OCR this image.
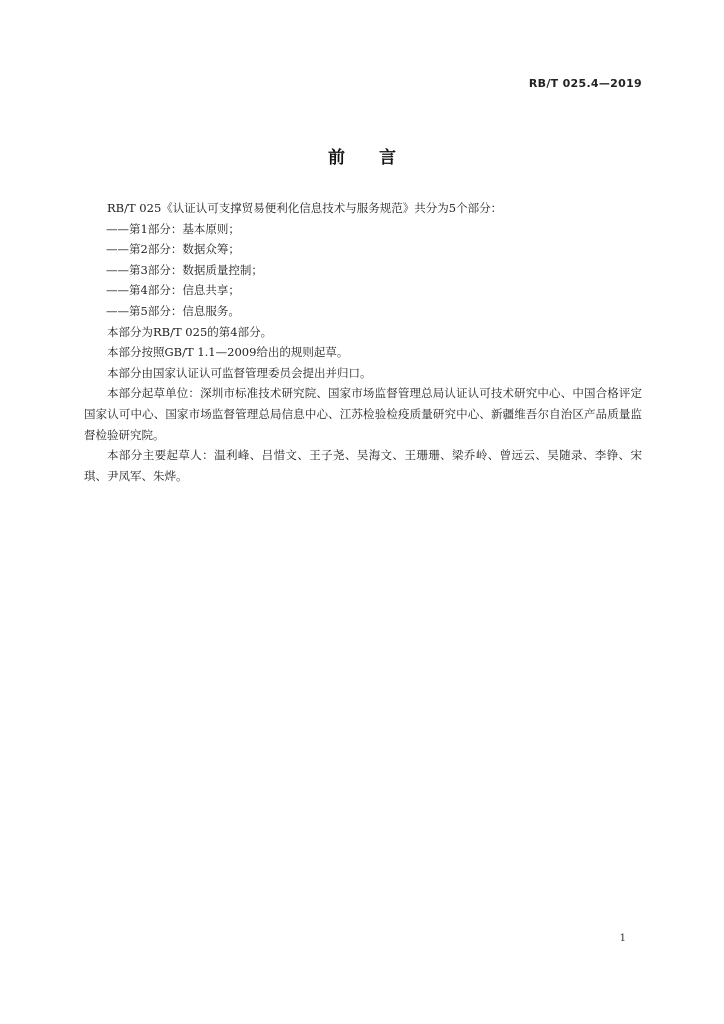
RB/T 025.4—2019
前言

RB/T 025《认证认可支撑贸易便利化信息技术与服务规范》共分为5个部分：

——第1部分：基本原则；

——第2部分：数据众筹；

——第3部分：数据质量控制；

——第4部分：信息共享；

——第5部分：信息服务。

本部分为RB/T 025的第4部分。

本部分按照GB/T 1.1—2009给出的规则起草。

本部分由国家认证认可监督管理委员会提出并归口。

本部分起草单位：深圳市标准技术研究院、国家市场监督管理总局认证认可技术研究中心、中国合格评定国家认可中心、国家市场监督管理总局信息中心、江苏检验检疫质量研究中心、新疆维吾尔自治区产品质量监督检验研究院。

本部分主要起草人：温利峰、吕惜文、王子尧、吴海文、王珊珊、梁乔岭、曾远云、吴随录、李铮、宋琪、尹凤军、朱烨。

1
